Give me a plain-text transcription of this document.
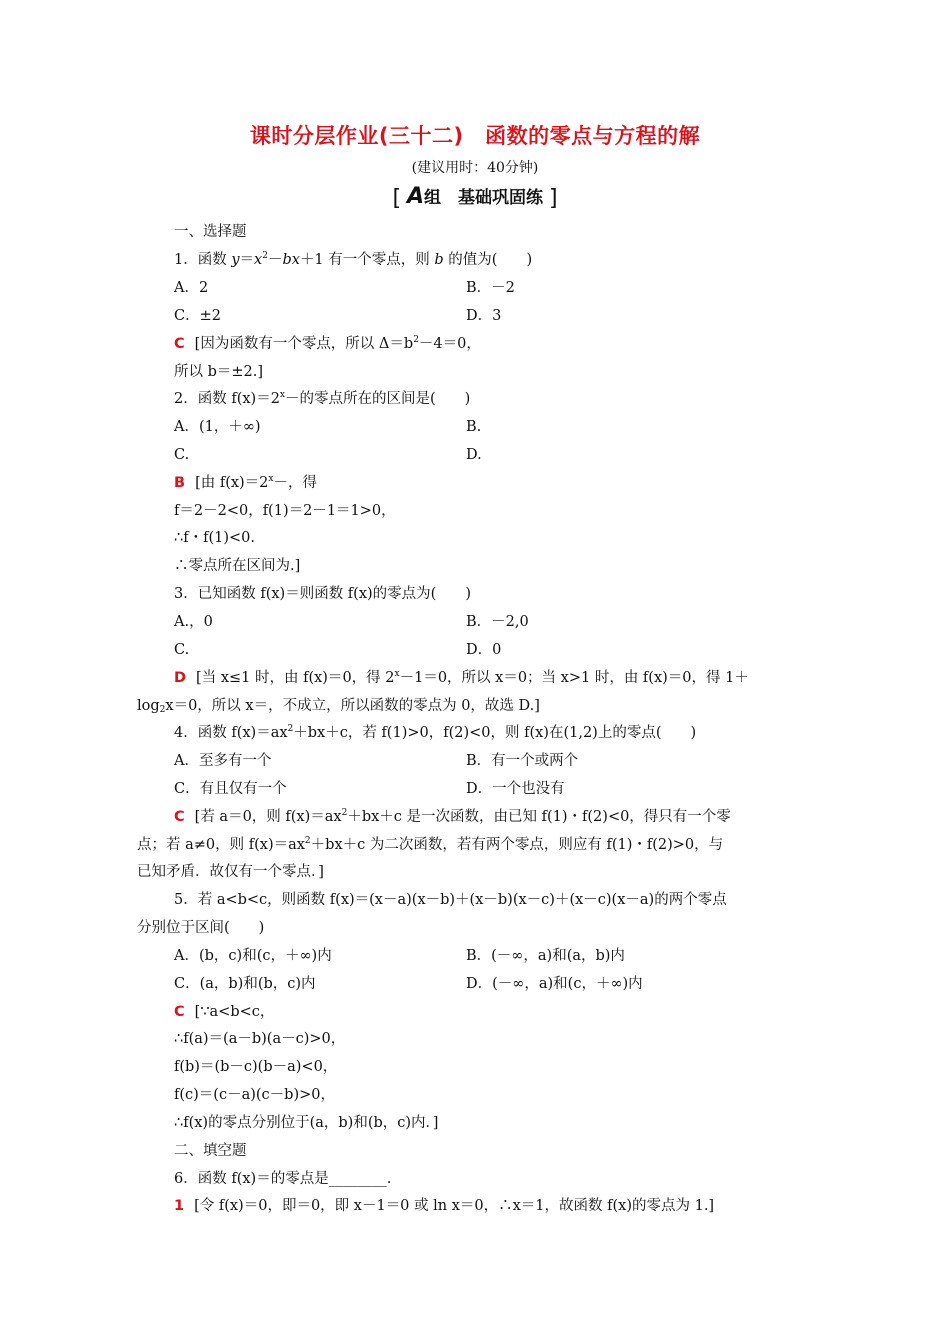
课时分层作业(三十二)　函数的零点与方程的解
(建议用时：40分钟)
[ A组　基础巩固练 ]
一、选择题
1．函数 $y=x^2-bx+1$ 有一个零点，则 b 的值为(　　)
A．2	B．－2
C．±2	D．3
C [因为函数有一个零点，所以 $\Delta=b^2-4=0$，
所以 b＝±2.]
2．函数 $f(x)=2^x-$的零点所在的区间是(　　)
A．(1，＋∞)	B.
C.	D.
B [由 $f(x)=2^x-$，得
f＝2－2<0，f(1)＝2－1＝1>0，
∴f・f(1)<0.
∴零点所在区间为.]
3．已知函数 f(x)＝则函数 f(x)的零点为(　　)
A.，0	B．－2,0
C.	D．0
D [当 x≤1 时，由 f(x)＝0，得 $2^x-1=0$，所以 x＝0；当 x>1 时，由 f(x)＝0，得 1＋
$\log_2x=0$，所以 x＝，不成立，所以函数的零点为 0，故选 D.]
4．函数 $f(x)=ax^2+bx+c$，若 f(1)>0，f(2)<0，则 f(x)在(1,2)上的零点(　　)
A．至多有一个	B．有一个或两个
C．有且仅有一个	D．一个也没有
C [若 a＝0，则 $f(x)=ax^2+bx+c$ 是一次函数，由已知 f(1)・f(2)<0，得只有一个零
点；若 a≠0，则 $f(x)=ax^2+bx+c$ 为二次函数，若有两个零点，则应有 f(1)・f(2)>0，与
已知矛盾．故仅有一个零点．]
5．若 a<b<c，则函数 f(x)＝(x－a)(x－b)＋(x－b)(x－c)＋(x－c)(x－a)的两个零点
分别位于区间(　　)
A．(b，c)和(c，＋∞)内	B．(－∞，a)和(a，b)内
C．(a，b)和(b，c)内	D．(－∞，a)和(c，＋∞)内
C [∵a<b<c，
∴f(a)＝(a－b)(a－c)>0，
f(b)＝(b－c)(b－a)<0，
f(c)＝(c－a)(c－b)>0，
∴f(x)的零点分别位于(a，b)和(b，c)内．]
二、填空题
6．函数 f(x)＝的零点是________.
1 [令 f(x)＝0，即＝0，即 x－1＝0 或 ln x＝0，∴x＝1，故函数 f(x)的零点为 1.]
